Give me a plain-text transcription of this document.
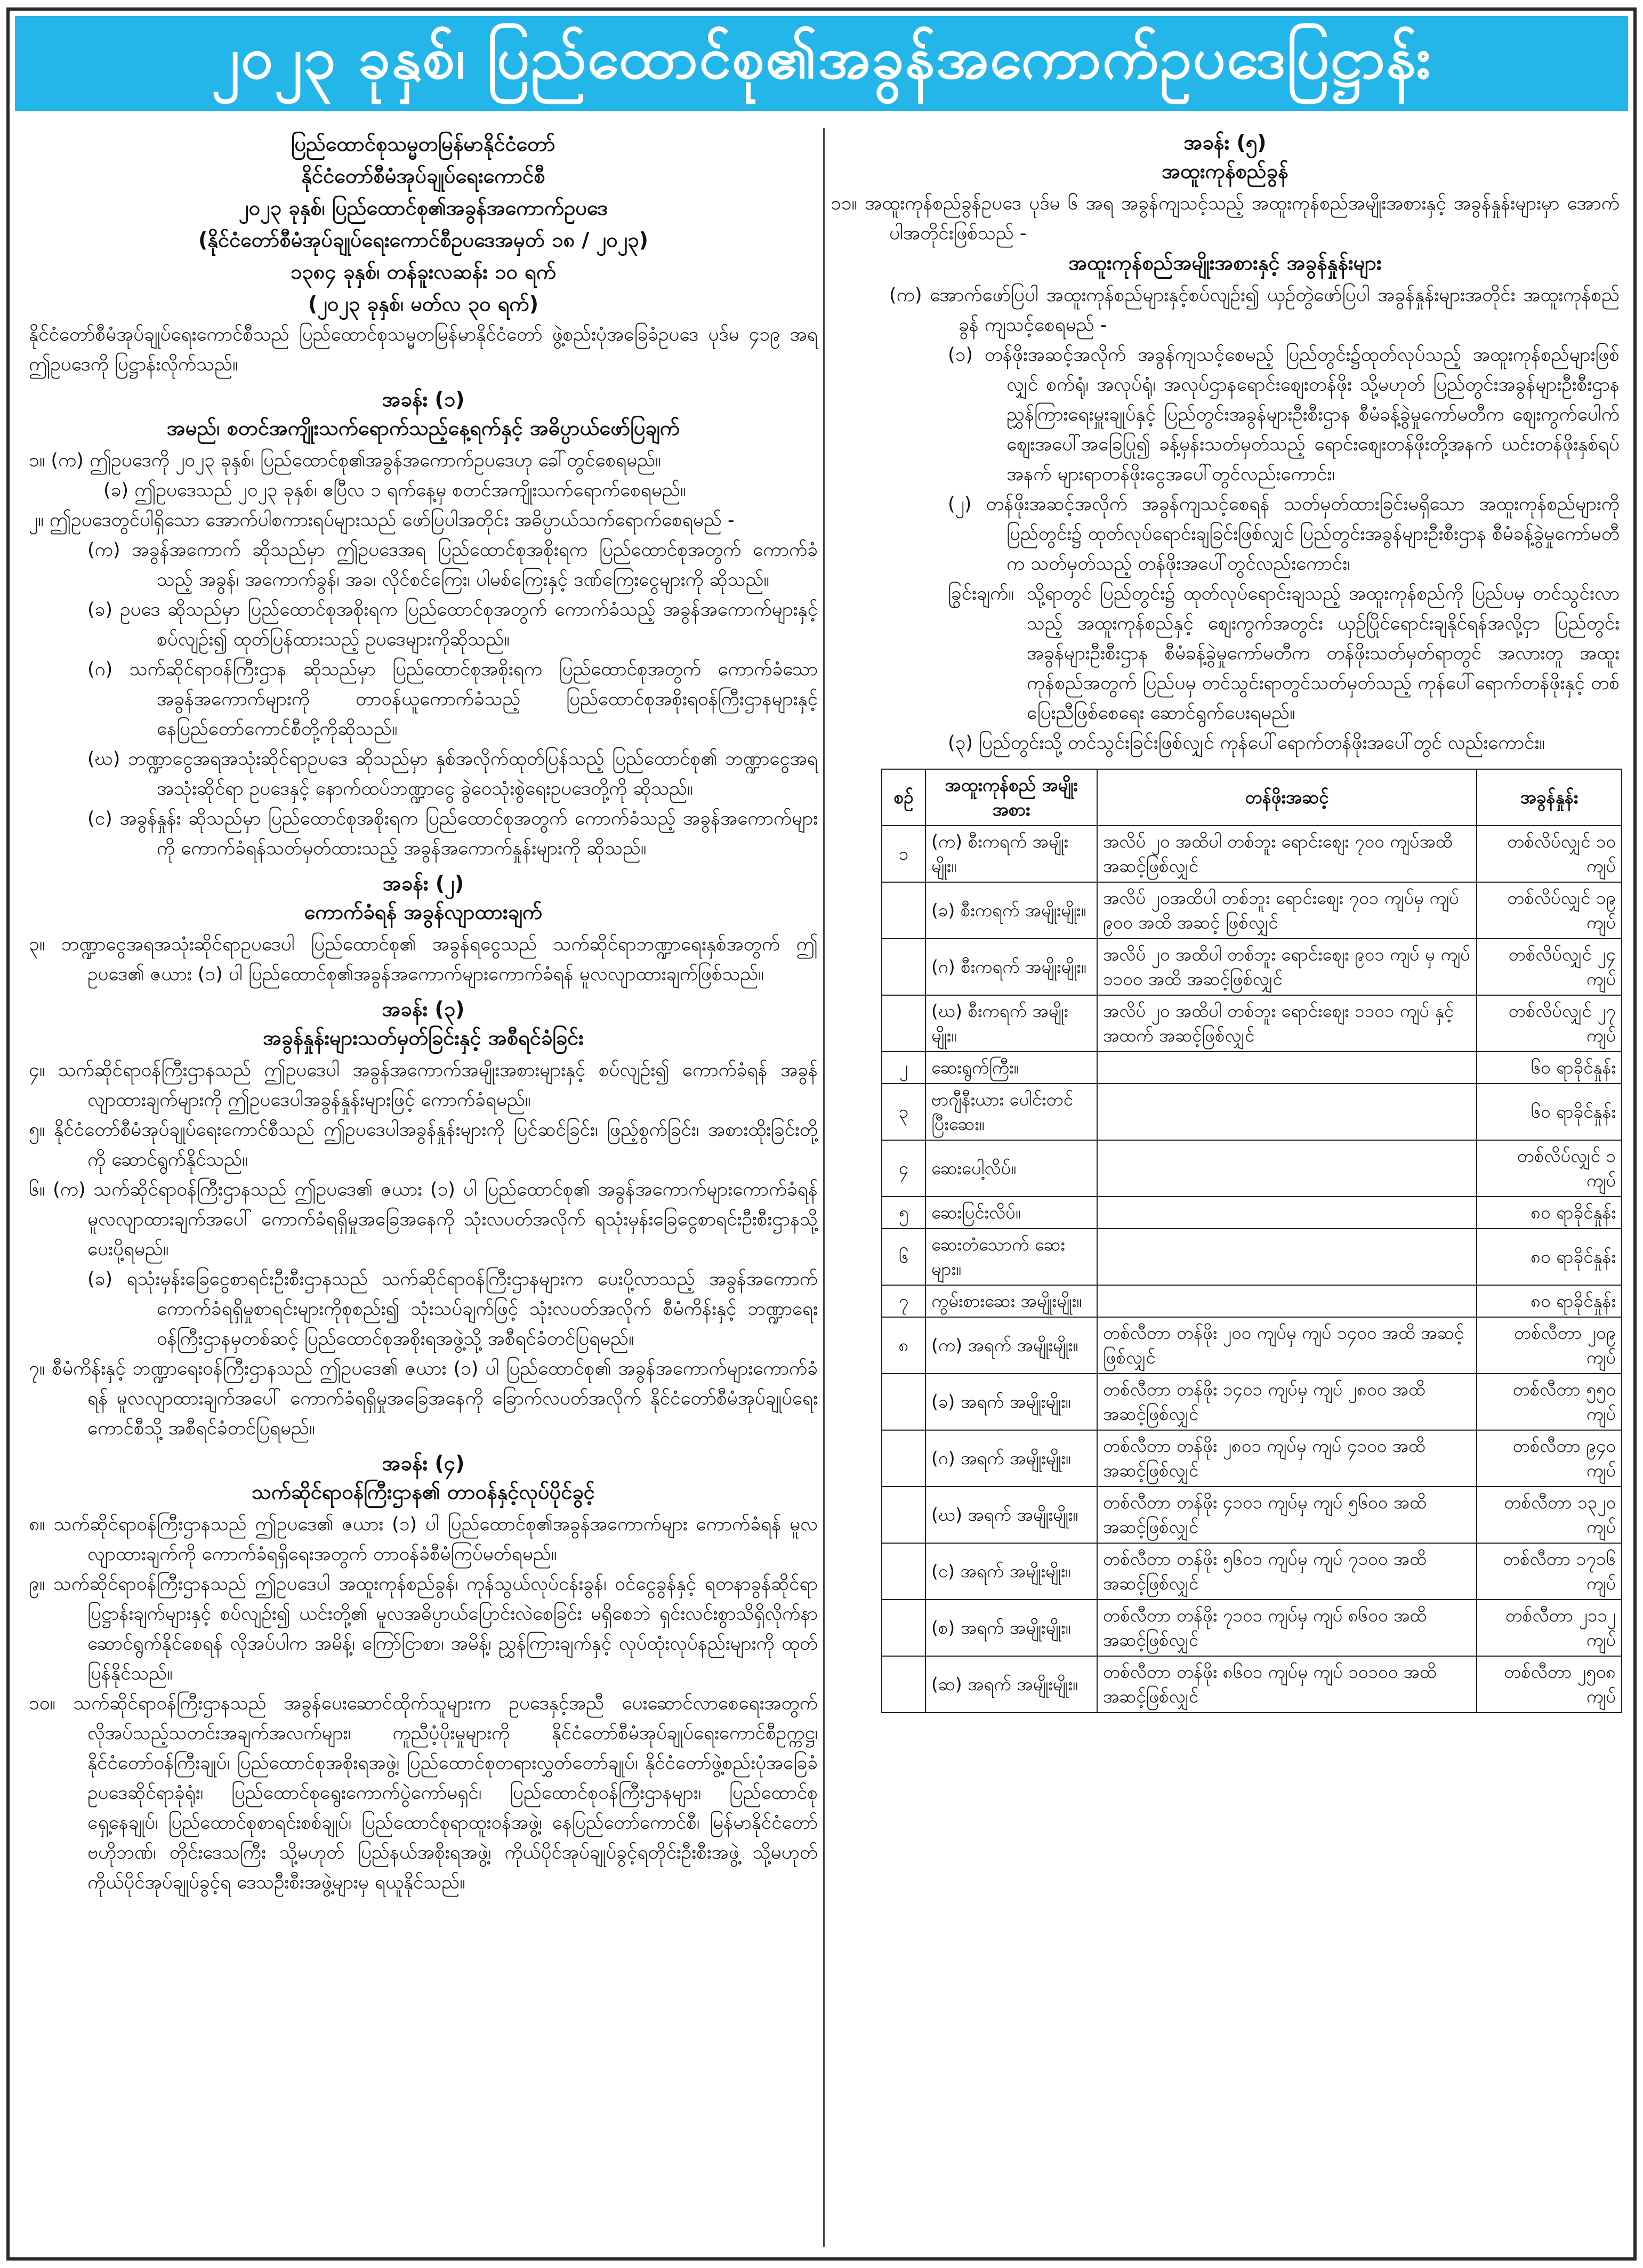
၂၀၂၃ ခုနှစ်၊ ပြည်ထောင်စု၏အခွန်အကောက်ဥပဒေပြဋ္ဌာန်း
ပြည်ထောင်စုသမ္မတမြန်မာနိုင်ငံတော်
နိုင်ငံတော်စီမံအုပ်ချုပ်ရေးကောင်စီ
၂၀၂၃ ခုနှစ်၊ ပြည်ထောင်စု၏အခွန်အကောက်ဥပဒေ
(နိုင်ငံတော်စီမံအုပ်ချုပ်ရေးကောင်စီဥပဒေအမှတ် ၁၈ / ၂၀၂၃)
၁၃၈၄ ခုနှစ်၊ တန်ခူးလဆန်း ၁၀ ရက်
(၂၀၂၃ ခုနှစ်၊ မတ်လ ၃၀ ရက်)

နိုင်ငံတော်စီမံအုပ်ချုပ်ရေးကောင်စီသည် ပြည်ထောင်စုသမ္မတမြန်မာနိုင်ငံတော် ဖွဲ့စည်းပုံအခြေခံဥပဒေ ပုဒ်မ ၄၁၉ အရ ဤဥပဒေကို ပြဋ္ဌာန်းလိုက်သည်။

အခန်း (၁)
အမည်၊ စတင်အကျိုးသက်ရောက်သည့်နေ့ရက်နှင့် အဓိပ္ပာယ်ဖော်ပြချက်

၁။ (က) ဤဥပဒေကို ၂၀၂၃ ခုနှစ်၊ ပြည်ထောင်စု၏အခွန်အကောက်ဥပဒေဟု ခေါ်တွင်စေရမည်။

(ခ) ဤဥပဒေသည် ၂၀၂၃ ခုနှစ်၊ ဧပြီလ ၁ ရက်နေ့မှ စတင်အကျိုးသက်ရောက်စေရမည်။

၂။ ဤဥပဒေတွင်ပါရှိသော အောက်ပါစကားရပ်များသည် ဖော်ပြပါအတိုင်း အဓိပ္ပာယ်သက်ရောက်စေရမည် -

(က) အခွန်အကောက် ဆိုသည်မှာ ဤဥပဒေအရ ပြည်ထောင်စုအစိုးရက ပြည်ထောင်စုအတွက် ကောက်ခံသည့် အခွန်၊ အကောက်ခွန်၊ အခ၊ လိုင်စင်ကြေး၊ ပါမစ်ကြေးနှင့် ဒဏ်ကြေးငွေများကို ဆိုသည်။

(ခ) ဥပဒေ ဆိုသည်မှာ ပြည်ထောင်စုအစိုးရက ပြည်ထောင်စုအတွက် ကောက်ခံသည့် အခွန်အကောက်များနှင့်စပ်လျဉ်း၍ ထုတ်ပြန်ထားသည့် ဥပဒေများကိုဆိုသည်။

(ဂ) သက်ဆိုင်ရာဝန်ကြီးဌာန ဆိုသည်မှာ ပြည်ထောင်စုအစိုးရက ပြည်ထောင်စုအတွက် ကောက်ခံသော အခွန်အကောက်များကို တာဝန်ယူကောက်ခံသည့် ပြည်ထောင်စုအစိုးရဝန်ကြီးဌာနများနှင့် နေပြည်တော်ကောင်စီတို့ကိုဆိုသည်။

(ဃ) ဘဏ္ဍာငွေအရအသုံးဆိုင်ရာဥပဒေ ဆိုသည်မှာ နှစ်အလိုက်ထုတ်ပြန်သည့် ပြည်ထောင်စု၏ ဘဏ္ဍာငွေအရအသုံးဆိုင်ရာ ဥပဒေနှင့် နောက်ထပ်ဘဏ္ဍာငွေ ခွဲဝေသုံးစွဲရေးဥပဒေတို့ကို ဆိုသည်။

(င) အခွန်နှုန်း ဆိုသည်မှာ ပြည်ထောင်စုအစိုးရက ပြည်ထောင်စုအတွက် ကောက်ခံသည့် အခွန်အကောက်များကို ကောက်ခံရန်သတ်မှတ်ထားသည့် အခွန်အကောက်နှုန်းများကို ဆိုသည်။

အခန်း (၂)
ကောက်ခံရန် အခွန်လျာထားချက်

၃။ ဘဏ္ဍာငွေအရအသုံးဆိုင်ရာဥပဒေပါ ပြည်ထောင်စု၏ အခွန်ရငွေသည် သက်ဆိုင်ရာဘဏ္ဍာရေးနှစ်အတွက် ဤဥပဒေ၏ ဇယား (၁) ပါ ပြည်ထောင်စု၏အခွန်အကောက်များကောက်ခံရန် မူလလျာထားချက်ဖြစ်သည်။

အခန်း (၃)
အခွန်နှုန်းများသတ်မှတ်ခြင်းနှင့် အစီရင်ခံခြင်း

၄။ သက်ဆိုင်ရာဝန်ကြီးဌာနသည် ဤဥပဒေပါ အခွန်အကောက်အမျိုးအစားများနှင့် စပ်လျဉ်း၍ ကောက်ခံရန် အခွန်လျာထားချက်များကို ဤဥပဒေပါအခွန်နှုန်းများဖြင့် ကောက်ခံရမည်။

၅။ နိုင်ငံတော်စီမံအုပ်ချုပ်ရေးကောင်စီသည် ဤဥပဒေပါအခွန်နှုန်းများကို ပြင်ဆင်ခြင်း၊ ဖြည့်စွက်ခြင်း၊ အစားထိုးခြင်းတို့ကို ဆောင်ရွက်နိုင်သည်။

၆။ (က) သက်ဆိုင်ရာဝန်ကြီးဌာနသည် ဤဥပဒေ၏ ဇယား (၁) ပါ ပြည်ထောင်စု၏ အခွန်အကောက်များကောက်ခံရန် မူလလျာထားချက်အပေါ် ကောက်ခံရရှိမှုအခြေအနေကို သုံးလပတ်အလိုက် ရသုံးမှန်းခြေငွေစာရင်းဦးစီးဌာနသို့ ပေးပို့ရမည်။

(ခ) ရသုံးမှန်းခြေငွေစာရင်းဦးစီးဌာနသည် သက်ဆိုင်ရာဝန်ကြီးဌာနများက ပေးပို့လာသည့် အခွန်အကောက် ကောက်ခံရရှိမှုစာရင်းများကိုစုစည်း၍ သုံးသပ်ချက်ဖြင့် သုံးလပတ်အလိုက် စီမံကိန်းနှင့် ဘဏ္ဍာရေးဝန်ကြီးဌာနမှတစ်ဆင့် ပြည်ထောင်စုအစိုးရအဖွဲ့သို့ အစီရင်ခံတင်ပြရမည်။

၇။ စီမံကိန်းနှင့် ဘဏ္ဍာရေးဝန်ကြီးဌာနသည် ဤဥပဒေ၏ ဇယား (၁) ပါ ပြည်ထောင်စု၏ အခွန်အကောက်များကောက်ခံရန် မူလလျာထားချက်အပေါ် ကောက်ခံရရှိမှုအခြေအနေကို ခြောက်လပတ်အလိုက် နိုင်ငံတော်စီမံအုပ်ချုပ်ရေးကောင်စီသို့ အစီရင်ခံတင်ပြရမည်။

အခန်း (၄)
သက်ဆိုင်ရာဝန်ကြီးဌာန၏ တာဝန်နှင့်လုပ်ပိုင်ခွင့်

၈။ သက်ဆိုင်ရာဝန်ကြီးဌာနသည် ဤဥပဒေ၏ ဇယား (၁) ပါ ပြည်ထောင်စု၏အခွန်အကောက်များ ကောက်ခံရန် မူလလျာထားချက်ကို ကောက်ခံရရှိရေးအတွက် တာဝန်ခံစီမံကြပ်မတ်ရမည်။

၉။ သက်ဆိုင်ရာဝန်ကြီးဌာနသည် ဤဥပဒေပါ အထူးကုန်စည်ခွန်၊ ကုန်သွယ်လုပ်ငန်းခွန်၊ ဝင်ငွေခွန်နှင့် ရတနာခွန်ဆိုင်ရာပြဋ္ဌာန်းချက်များနှင့် စပ်လျဉ်း၍ ယင်းတို့၏ မူလအဓိပ္ပာယ်ပြောင်းလဲစေခြင်း မရှိစေဘဲ ရှင်းလင်းစွာသိရှိလိုက်နာဆောင်ရွက်နိုင်စေရန် လိုအပ်ပါက အမိန့်၊ ကြော်ငြာစာ၊ အမိန့်၊ ညွှန်ကြားချက်နှင့် လုပ်ထုံးလုပ်နည်းများကို ထုတ်ပြန်နိုင်သည်။

၁၀။ သက်ဆိုင်ရာဝန်ကြီးဌာနသည် အခွန်ပေးဆောင်ထိုက်သူများက ဥပဒေနှင့်အညီ ပေးဆောင်လာစေရေးအတွက် လိုအပ်သည့်သတင်းအချက်အလက်များ၊ ကူညီပံ့ပိုးမှုများကို နိုင်ငံတော်စီမံအုပ်ချုပ်ရေးကောင်စီဥက္ကဋ္ဌ၊ နိုင်ငံတော်ဝန်ကြီးချုပ်၊ ပြည်ထောင်စုအစိုးရအဖွဲ့၊ ပြည်ထောင်စုတရားလွှတ်တော်ချုပ်၊ နိုင်ငံတော်ဖွဲ့စည်းပုံအခြေခံဥပဒေဆိုင်ရာခုံရုံး၊ ပြည်ထောင်စုရွေးကောက်ပွဲကော်မရှင်၊ ပြည်ထောင်စုဝန်ကြီးဌာနများ၊ ပြည်ထောင်စုရှေ့နေချုပ်၊ ပြည်ထောင်စုစာရင်းစစ်ချုပ်၊ ပြည်ထောင်စုရာထူးဝန်အဖွဲ့၊ နေပြည်တော်ကောင်စီ၊ မြန်မာနိုင်ငံတော်ဗဟိုဘဏ်၊ တိုင်းဒေသကြီး သို့မဟုတ် ပြည်နယ်အစိုးရအဖွဲ့၊ ကိုယ်ပိုင်အုပ်ချုပ်ခွင့်ရတိုင်းဦးစီးအဖွဲ့ သို့မဟုတ် ကိုယ်ပိုင်အုပ်ချုပ်ခွင့်ရ ဒေသဦးစီးအဖွဲ့များမှ ရယူနိုင်သည်။

အခန်း (၅)
အထူးကုန်စည်ခွန်

၁၁။ အထူးကုန်စည်ခွန်ဥပဒေ ပုဒ်မ ၆ အရ အခွန်ကျသင့်သည့် အထူးကုန်စည်အမျိုးအစားနှင့် အခွန်နှုန်းများမှာ အောက်ပါအတိုင်းဖြစ်သည် -

အထူးကုန်စည်အမျိုးအစားနှင့် အခွန်နှုန်းများ

(က) အောက်ဖော်ပြပါ အထူးကုန်စည်များနှင့်စပ်လျဉ်း၍ ယှဉ်တွဲဖော်ပြပါ အခွန်နှုန်းများအတိုင်း အထူးကုန်စည်ခွန် ကျသင့်စေရမည် -

(၁) တန်ဖိုးအဆင့်အလိုက် အခွန်ကျသင့်စေမည့် ပြည်တွင်း၌ထုတ်လုပ်သည့် အထူးကုန်စည်များဖြစ်လျှင် စက်ရုံ၊ အလုပ်ရုံ၊ အလုပ်ဌာနရောင်းစျေးတန်ဖိုး သို့မဟုတ် ပြည်တွင်းအခွန်များဦးစီးဌာန ညွှန်ကြားရေးမှူးချုပ်နှင့် ပြည်တွင်းအခွန်များဦးစီးဌာန စီမံခန့်ခွဲမှုကော်မတီက စျေးကွက်ပေါက်စျေးအပေါ်အခြေပြု၍ ခန့်မှန်းသတ်မှတ်သည့် ရောင်းစျေးတန်ဖိုးတို့အနက် ယင်းတန်ဖိုးနှစ်ရပ်အနက် များရာတန်ဖိုးငွေအပေါ်တွင်လည်းကောင်း၊

(၂) တန်ဖိုးအဆင့်အလိုက် အခွန်ကျသင့်စေရန် သတ်မှတ်ထားခြင်းမရှိသော အထူးကုန်စည်များကို ပြည်တွင်း၌ ထုတ်လုပ်ရောင်းချခြင်းဖြစ်လျှင် ပြည်တွင်းအခွန်များဦးစီးဌာန စီမံခန့်ခွဲမှုကော်မတီက သတ်မှတ်သည့် တန်ဖိုးအပေါ်တွင်လည်းကောင်း၊

ခြွင်းချက်။ သို့ရာတွင် ပြည်တွင်း၌ ထုတ်လုပ်ရောင်းချသည့် အထူးကုန်စည်ကို ပြည်ပမှ တင်သွင်းလာသည့် အထူးကုန်စည်နှင့် စျေးကွက်အတွင်း ယှဉ်ပြိုင်ရောင်းချနိုင်ရန်အလို့ငှာ ပြည်တွင်းအခွန်များဦးစီးဌာန စီမံခန့်ခွဲမှုကော်မတီက တန်ဖိုးသတ်မှတ်ရာတွင် အလားတူ အထူးကုန်စည်အတွက် ပြည်ပမှ တင်သွင်းရာတွင်သတ်မှတ်သည့် ကုန်ပေါ်ရောက်တန်ဖိုးနှင့် တစ်ပြေးညီဖြစ်စေရေး ဆောင်ရွက်ပေးရမည်။

(၃) ပြည်တွင်းသို့ တင်သွင်းခြင်းဖြစ်လျှင် ကုန်ပေါ်ရောက်တန်ဖိုးအပေါ်တွင် လည်းကောင်း။

စဉ်	အထူးကုန်စည် အမျိုးအစား	တန်ဖိုးအဆင့်	အခွန်နှုန်း
၁	(က) စီးကရက် အမျိုးမျိုး။	အလိပ် ၂၀ အထိပါ တစ်ဘူး ရောင်းစျေး ၇၀၀ ကျပ်အထိ အဆင့်ဖြစ်လျှင်	တစ်လိပ်လျှင် ၁၀ ကျပ်
	(ခ) စီးကရက် အမျိုးမျိုး။	အလိပ် ၂၀အထိပါ တစ်ဘူး ရောင်းစျေး ၇၀၁ ကျပ်မှ ကျပ် ၉၀၀ အထိ အဆင့် ဖြစ်လျှင်	တစ်လိပ်လျှင် ၁၉ ကျပ်
	(ဂ) စီးကရက် အမျိုးမျိုး။	အလိပ် ၂၀ အထိပါ တစ်ဘူး ရောင်းစျေး ၉၀၁ ကျပ် မှ ကျပ် ၁၁၀၀ အထိ အဆင့်ဖြစ်လျှင်	တစ်လိပ်လျှင် ၂၄ ကျပ်
	(ဃ) စီးကရက် အမျိုးမျိုး။	အလိပ် ၂၀ အထိပါ တစ်ဘူး ရောင်းစျေး ၁၁၀၁ ကျပ် နှင့်အထက် အဆင့်ဖြစ်လျှင်	တစ်လိပ်လျှင် ၂၇ ကျပ်
၂	ဆေးရွက်ကြီး။		၆၀ ရာခိုင်နှုန်း
၃	ဗာဂျီနီးယား ပေါင်းတင်ပြီးဆေး။		၆၀ ရာခိုင်နှုန်း
၄	ဆေးပေါ့လိပ်။		တစ်လိပ်လျှင် ၁ ကျပ်
၅	ဆေးပြင်းလိပ်။		၈၀ ရာခိုင်နှုန်း
၆	ဆေးတံသောက် ဆေးများ။		၈၀ ရာခိုင်နှုန်း
၇	ကွမ်းစားဆေး အမျိုးမျိုး။		၈၀ ရာခိုင်နှုန်း
၈	(က) အရက် အမျိုးမျိုး။	တစ်လီတာ တန်ဖိုး ၂၀၀ ကျပ်မှ ကျပ် ၁၄၀၀ အထိ အဆင့်ဖြစ်လျှင်	တစ်လီတာ ၂၀၉ ကျပ်
	(ခ) အရက် အမျိုးမျိုး။	တစ်လီတာ တန်ဖိုး ၁၄၀၁ ကျပ်မှ ကျပ် ၂၈၀၀ အထိ အဆင့်ဖြစ်လျှင်	တစ်လီတာ ၅၅၀ ကျပ်
	(ဂ) အရက် အမျိုးမျိုး။	တစ်လီတာ တန်ဖိုး ၂၈၀၁ ကျပ်မှ ကျပ် ၄၁၀၀ အထိ အဆင့်ဖြစ်လျှင်	တစ်လီတာ ၉၄၀ ကျပ်
	(ဃ) အရက် အမျိုးမျိုး။	တစ်လီတာ တန်ဖိုး ၄၁၀၁ ကျပ်မှ ကျပ် ၅၆၀၀ အထိ အဆင့်ဖြစ်လျှင်	တစ်လီတာ ၁၃၂၀ ကျပ်
	(င) အရက် အမျိုးမျိုး။	တစ်လီတာ တန်ဖိုး ၅၆၀၁ ကျပ်မှ ကျပ် ၇၁၀၀ အထိ အဆင့်ဖြစ်လျှင်	တစ်လီတာ ၁၇၁၆ ကျပ်
	(စ) အရက် အမျိုးမျိုး။	တစ်လီတာ တန်ဖိုး ၇၁၀၁ ကျပ်မှ ကျပ် ၈၆၀၀ အထိ အဆင့်ဖြစ်လျှင်	တစ်လီတာ ၂၁၁၂ ကျပ်
	(ဆ) အရက် အမျိုးမျိုး။	တစ်လီတာ တန်ဖိုး ၈၆၀၁ ကျပ်မှ ကျပ် ၁၀၁၀၀ အထိ အဆင့်ဖြစ်လျှင်	တစ်လီတာ ၂၅၀၈ ကျပ်
